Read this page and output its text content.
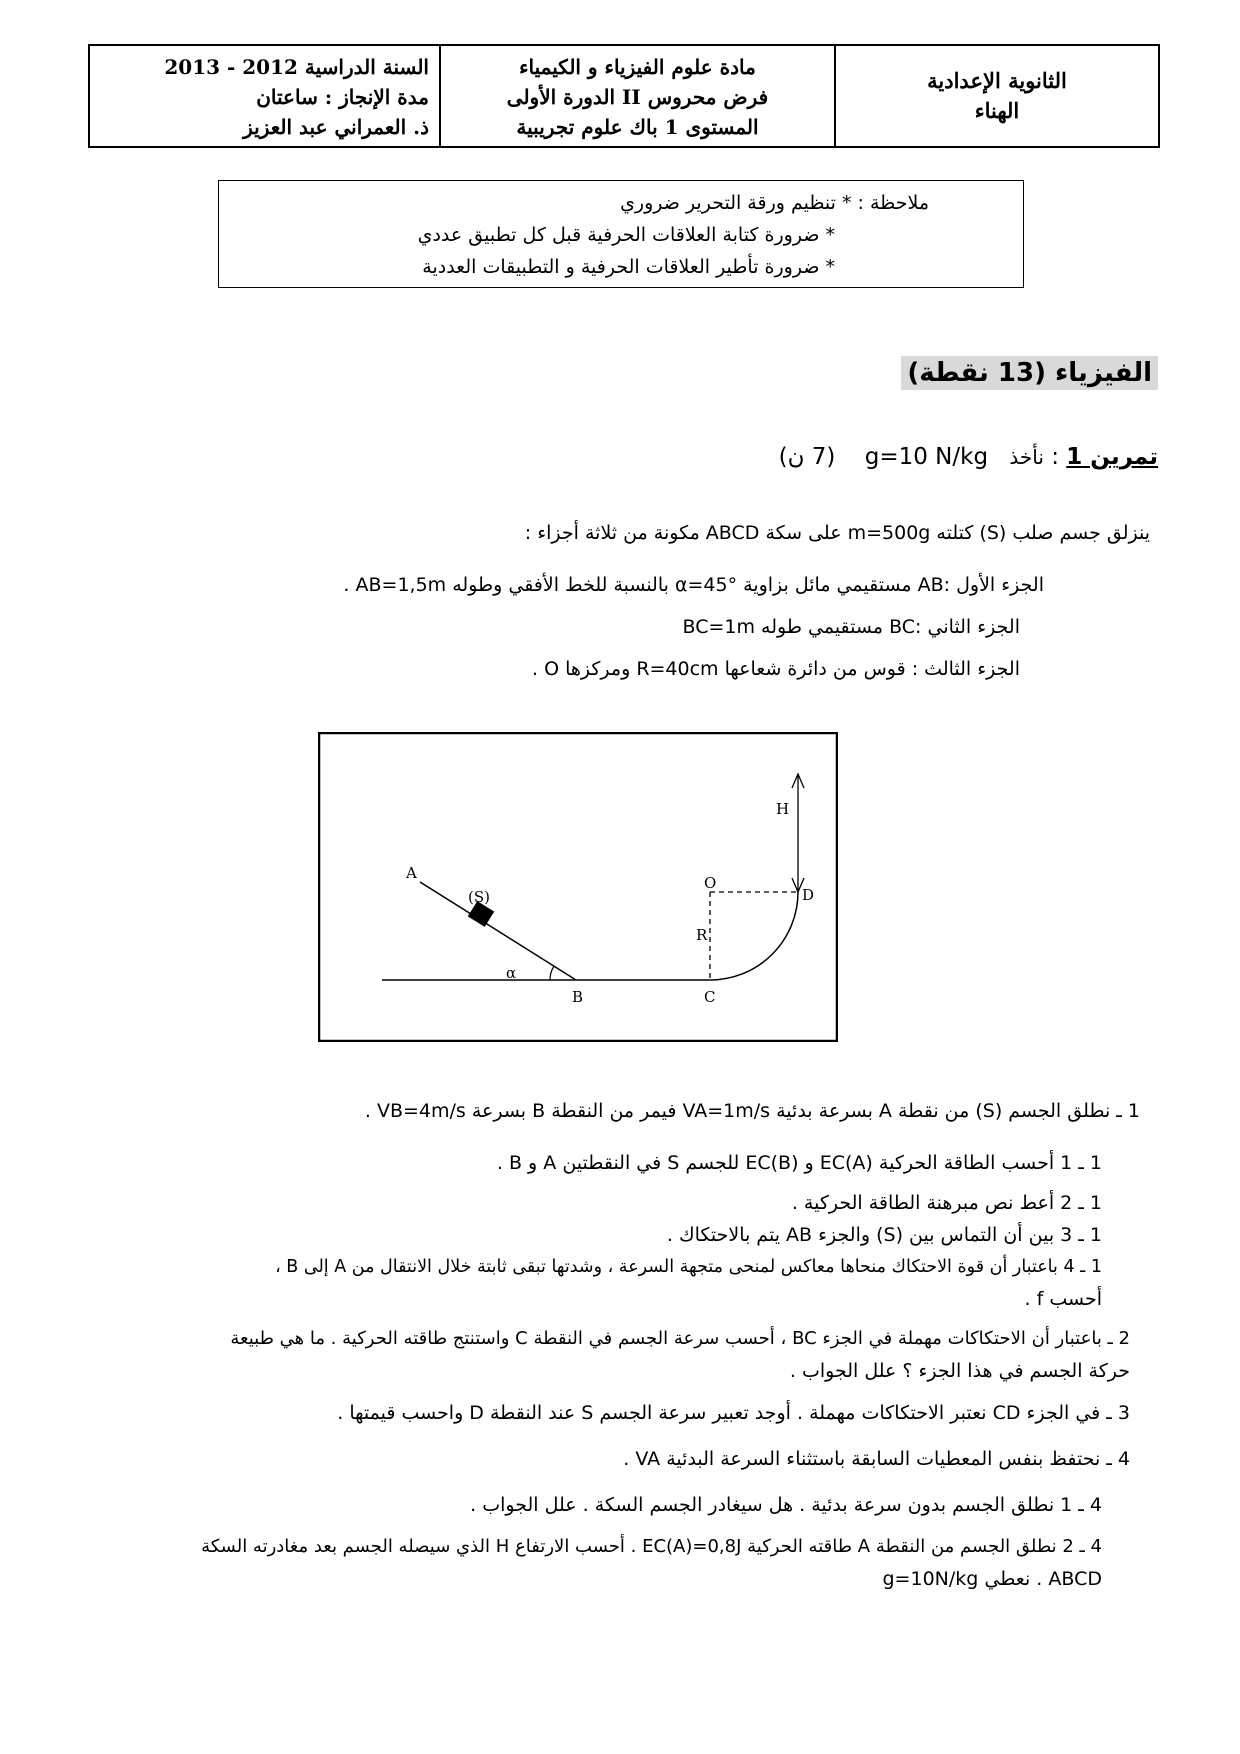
الثانوية الإعدادية
الهناء
مادة علوم الفيزياء و الكيمياء
فرض محروس II الدورة الأولى
المستوى 1 باك علوم تجريبية
السنة الدراسية 2012 - 2013
مدة الإنجاز : ساعتان
ذ. العمراني عبد العزيز
ملاحظة : * تنظيم ورقة التحرير ضروري
* ضرورة كتابة العلاقات الحرفية قبل كل تطبيق عددي
* ضرورة تأطير العلاقات الحرفية و التطبيقات العددية
الفيزياء (13 نقطة)
تمرين 1 : نأخذ g=10 N/kg (7 ن)
ينزلق جسم صلب (S) كتلته m=500g على سكة ABCD مكونة من ثلاثة أجزاء :
الجزء الأول :AB مستقيمي مائل بزاوية α=45° بالنسبة للخط الأفقي وطوله AB=1,5m .
الجزء الثاني :BC مستقيمي طوله BC=1m
الجزء الثالث : قوس من دائرة شعاعها R=40cm ومركزها O .
A
(S)
α
B	C
O
R
D
H
1 ـ نطلق الجسم (S) من نقطة A بسرعة بدئية VA=1m/s فيمر من النقطة B بسرعة VB=4m/s .
1 ـ 1 أحسب الطاقة الحركية EC(A) و EC(B) للجسم S في النقطتين A و B .
1 ـ 2 أعط نص مبرهنة الطاقة الحركية .
1 ـ 3 بين أن التماس بين (S) والجزء AB يتم بالاحتكاك .
1 ـ 4 باعتبار أن قوة الاحتكاك منحاها معاكس لمنحى متجهة السرعة ، وشدتها تبقى ثابتة خلال الانتقال من A إلى B ،
أحسب f .
2 ـ باعتبار أن الاحتكاكات مهملة في الجزء BC ، أحسب سرعة الجسم في النقطة C واستنتج طاقته الحركية . ما هي طبيعة
حركة الجسم في هذا الجزء ؟ علل الجواب .
3 ـ في الجزء CD نعتبر الاحتكاكات مهملة . أوجد تعبير سرعة الجسم S عند النقطة D واحسب قيمتها .
4 ـ نحتفظ بنفس المعطيات السابقة باستثناء السرعة البدئية VA .
4 ـ 1 نطلق الجسم بدون سرعة بدئية . هل سيغادر الجسم السكة . علل الجواب .
4 ـ 2 نطلق الجسم من النقطة A طاقته الحركية EC(A)=0,8J . أحسب الارتفاع H الذي سيصله الجسم بعد مغادرته السكة
ABCD . نعطي g=10N/kg
